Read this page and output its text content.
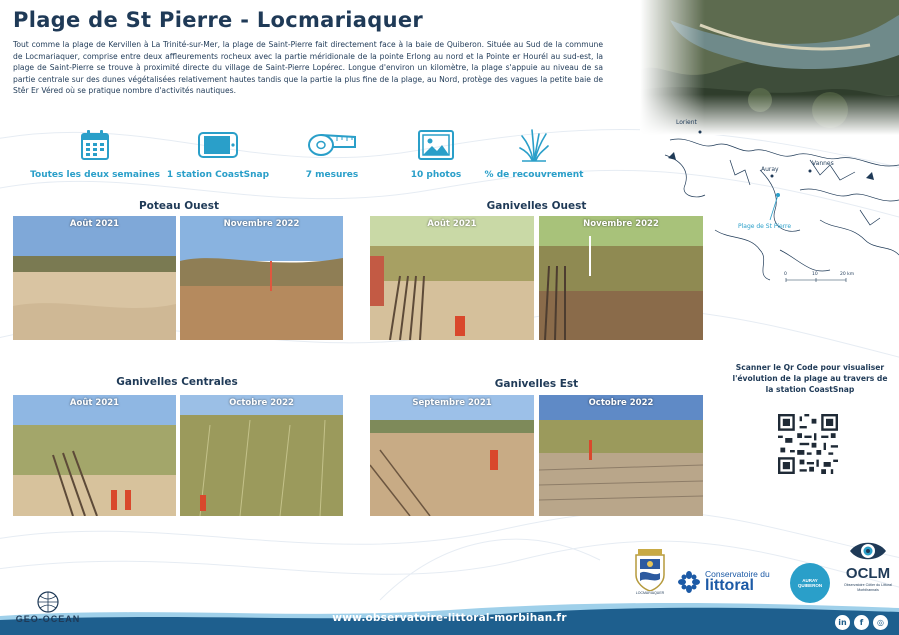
Lorient
Auray
Vannes
Plage de St Pierre
0	10	20 km
Plage de St Pierre - Locmariaquer
Tout comme la plage de Kervillen à La Trinité-sur-Mer, la plage de Saint-Pierre fait directement face à la baie de Quiberon. Située au Sud de la commune de Locmariaquer, comprise entre deux affleurements rocheux avec la partie méridionale de la pointe Erlong au nord et la Pointe er Hourél au sud-est, la plage de Saint-Pierre se trouve à proximité directe du village de Saint-Pierre Lopérec. Longue d'environ un kilomètre, la plage s'appuie au niveau de sa partie centrale sur des dunes végétalisées relativement hautes tandis que la partie la plus fine de la plage, au Nord, protège des vagues la petite baie de Stêr Er Véred où se pratique nombre d'activités nautiques.
Toutes les deux semaines 1 station CoastSnap	7 mesures	10 photos	% de recouvrement
Poteau Ouest	Ganivelles Ouest
Ganivelles Centrales	Ganivelles Est
Août 2021	Novembre 2022	Août 2021	Novembre 2022
Août 2021	Octobre 2022	Septembre 2021	Octobre 2022
Scanner le Qr Code pour visualiser l'évolution de la plage au travers de la station CoastSnap
www.observatoire-littoral-morbihan.fr	in	f	◎
GEO-OCEAN
LOCMARIAQUER
Conservatoire du
littoral	AURAY QUIBERON
OCLM
Observatoire Côtier du Littoral Morbihannais
